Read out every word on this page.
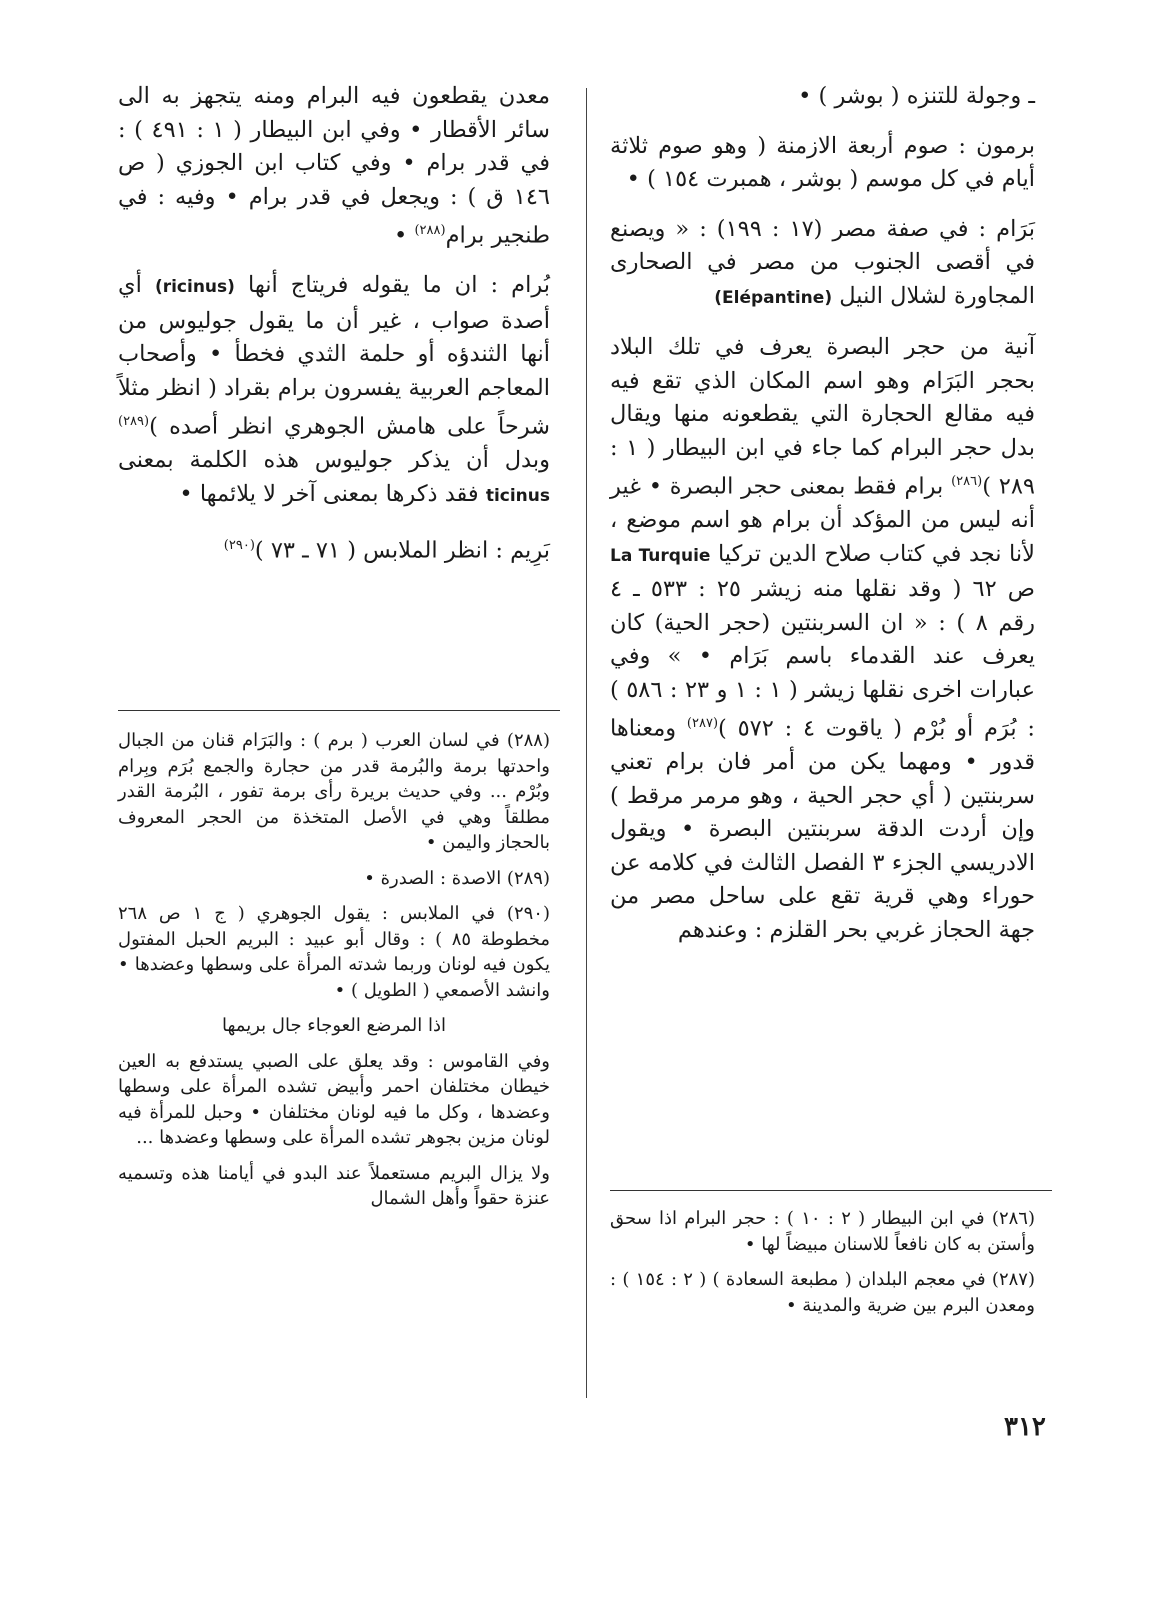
ـ وجولة للتنزه ( بوشر ) •

برمون : صوم أربعة الازمنة ( وهو صوم ثلاثة أيام في كل موسم ( بوشر ، همبرت ١٥٤ ) •

بَرَام : في صفة مصر (١٧ : ١٩٩) : « ويصنع في أقصى الجنوب من مصر في الصحارى المجاورة لشلال النيل (Elépantine)

آنية من حجر البصرة يعرف في تلك البلاد بحجر البَرَام وهو اسم المكان الذي تقع فيه فيه مقالع الحجارة التي يقطعونه منها ويقال بدل حجر البرام كما جاء في ابن البيطار ( ١ : ٢٨٩ )$^{(٢٨٦)}$ برام فقط بمعنى حجر البصرة • غير أنه ليس من المؤكد أن برام هو اسم موضع ، لأنا نجد في كتاب صلاح الدين تركيا La Turquie ص ٦٢ ( وقد نقلها منه زيشر ٢٥ : ٥٣٣ ـ ٤ رقم ٨ ) : « ان السربنتين (حجر الحية) كان يعرف عند القدماء باسم بَرَام • » وفي عبارات اخرى نقلها زيشر ( ١ : ١ و ٢٣ : ٥٨٦ ) : بُرَم أو بُرْم ( ياقوت ٤ : ٥٧٢ )$^{(٢٨٧)}$ ومعناها قدور • ومهما يكن من أمر فان برام تعني سربنتين ( أي حجر الحية ، وهو مرمر مرقط ) وإن أردت الدقة سربنتين البصرة • ويقول الادريسي الجزء ٣ الفصل الثالث في كلامه عن حوراء وهي قرية تقع على ساحل مصر من جهة الحجاز غربي بحر القلزم : وعندهم

(٢٨٦) في ابن البيطار ( ٢ : ١٠ ) : حجر البرام اذا سحق وأستن به كان نافعاً للاسنان مبيضاً لها •

(٢٨٧) في معجم البلدان ( مطبعة السعادة ) ( ٢ : ١٥٤ ) : ومعدن البرم بين ضرية والمدينة •

معدن يقطعون فيه البرام ومنه يتجهز به الى سائر الأقطار • وفي ابن البيطار ( ١ : ٤٩١ ) : في قدر برام • وفي كتاب ابن الجوزي ( ص ١٤٦ ق ) : ويجعل في قدر برام • وفيه : في طنجير برام$^{(٢٨٨)}$ •

بُرام : ان ما يقوله فريتاج أنها (ricinus) أي أصدة صواب ، غير أن ما يقول جوليوس من أنها الثندؤه أو حلمة الثدي فخطأ • وأصحاب المعاجم العربية يفسرون برام بقراد ( انظر مثلاً شرحاً على هامش الجوهري انظر أصده )$^{(٢٨٩)}$ وبدل أن يذكر جوليوس هذه الكلمة بمعنى ticinus فقد ذكرها بمعنى آخر لا يلائمها •

بَرِيم : انظر الملابس ( ٧١ ـ ٧٣ )$^{(٢٩٠)}$

(٢٨٨) في لسان العرب ( برم ) : والبَرَام قنان من الجبال واحدتها برمة والبُرمة قدر من حجارة والجمع بُرَم وبِرام وبُرْم ... وفي حديث بريرة رأى برمة تفور ، البُرمة القدر مطلقاً وهي في الأصل المتخذة من الحجر المعروف بالحجاز واليمن •

(٢٨٩) الاصدة : الصدرة •

(٢٩٠) في الملابس : يقول الجوهري ( ج ١ ص ٢٦٨ مخطوطة ٨٥ ) : وقال أبو عبيد : البريم الحبل المفتول يكون فيه لونان وربما شدته المرأة على وسطها وعضدها • وانشد الأصمعي ( الطويل ) •

اذا المرضع العوجاء جال بريمها

وفي القاموس : وقد يعلق على الصبي يستدفع به العين خيطان مختلفان احمر وأبيض تشده المرأة على وسطها وعضدها ، وكل ما فيه لونان مختلفان • وحبل للمرأة فيه لونان مزين بجوهر تشده المرأة على وسطها وعضدها ...

ولا يزال البريم مستعملاً عند البدو في أيامنا هذه وتسميه عنزة حقواً وأهل الشمال

٣١٢
